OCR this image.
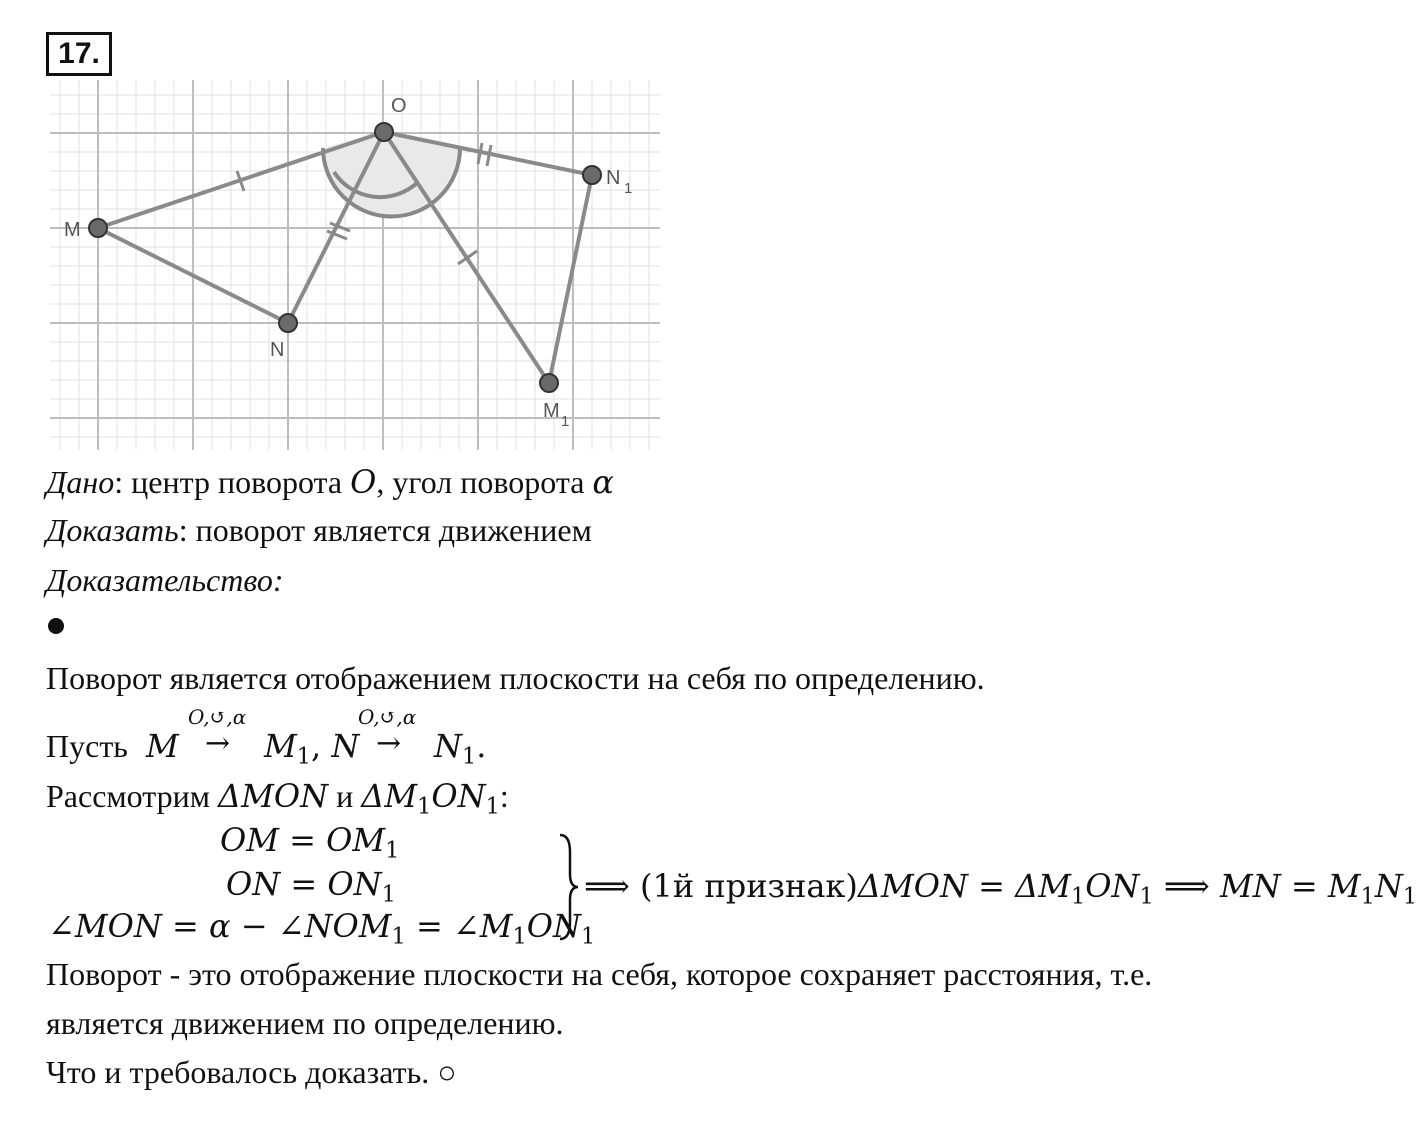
17.
O
M
N
N 1
M 1
Дано: центр поворота O, угол поворота α
Доказать: поворот является движением
Доказательство:
Поворот является отображением плоскости на себя по определению.
Пусть M
O,↺,α
→ $M_1$, N
O,↺,α
→ $N_1$.
Рассмотрим ΔMON и $\Delta M_1ON_1$:
OM = $OM_1$
ON = $ON_1$
∠MON = $\alpha - \angle NOM_1$ = $\angle M_1ON_1$
⟹ (1й признак)ΔMON = $\Delta M_1ON_1$ ⟹ MN = $M_1N_1$
Поворот - это отображение плоскости на себя, которое сохраняет расстояния, т.е.
является движением по определению.
Что и требовалось доказать. ○
